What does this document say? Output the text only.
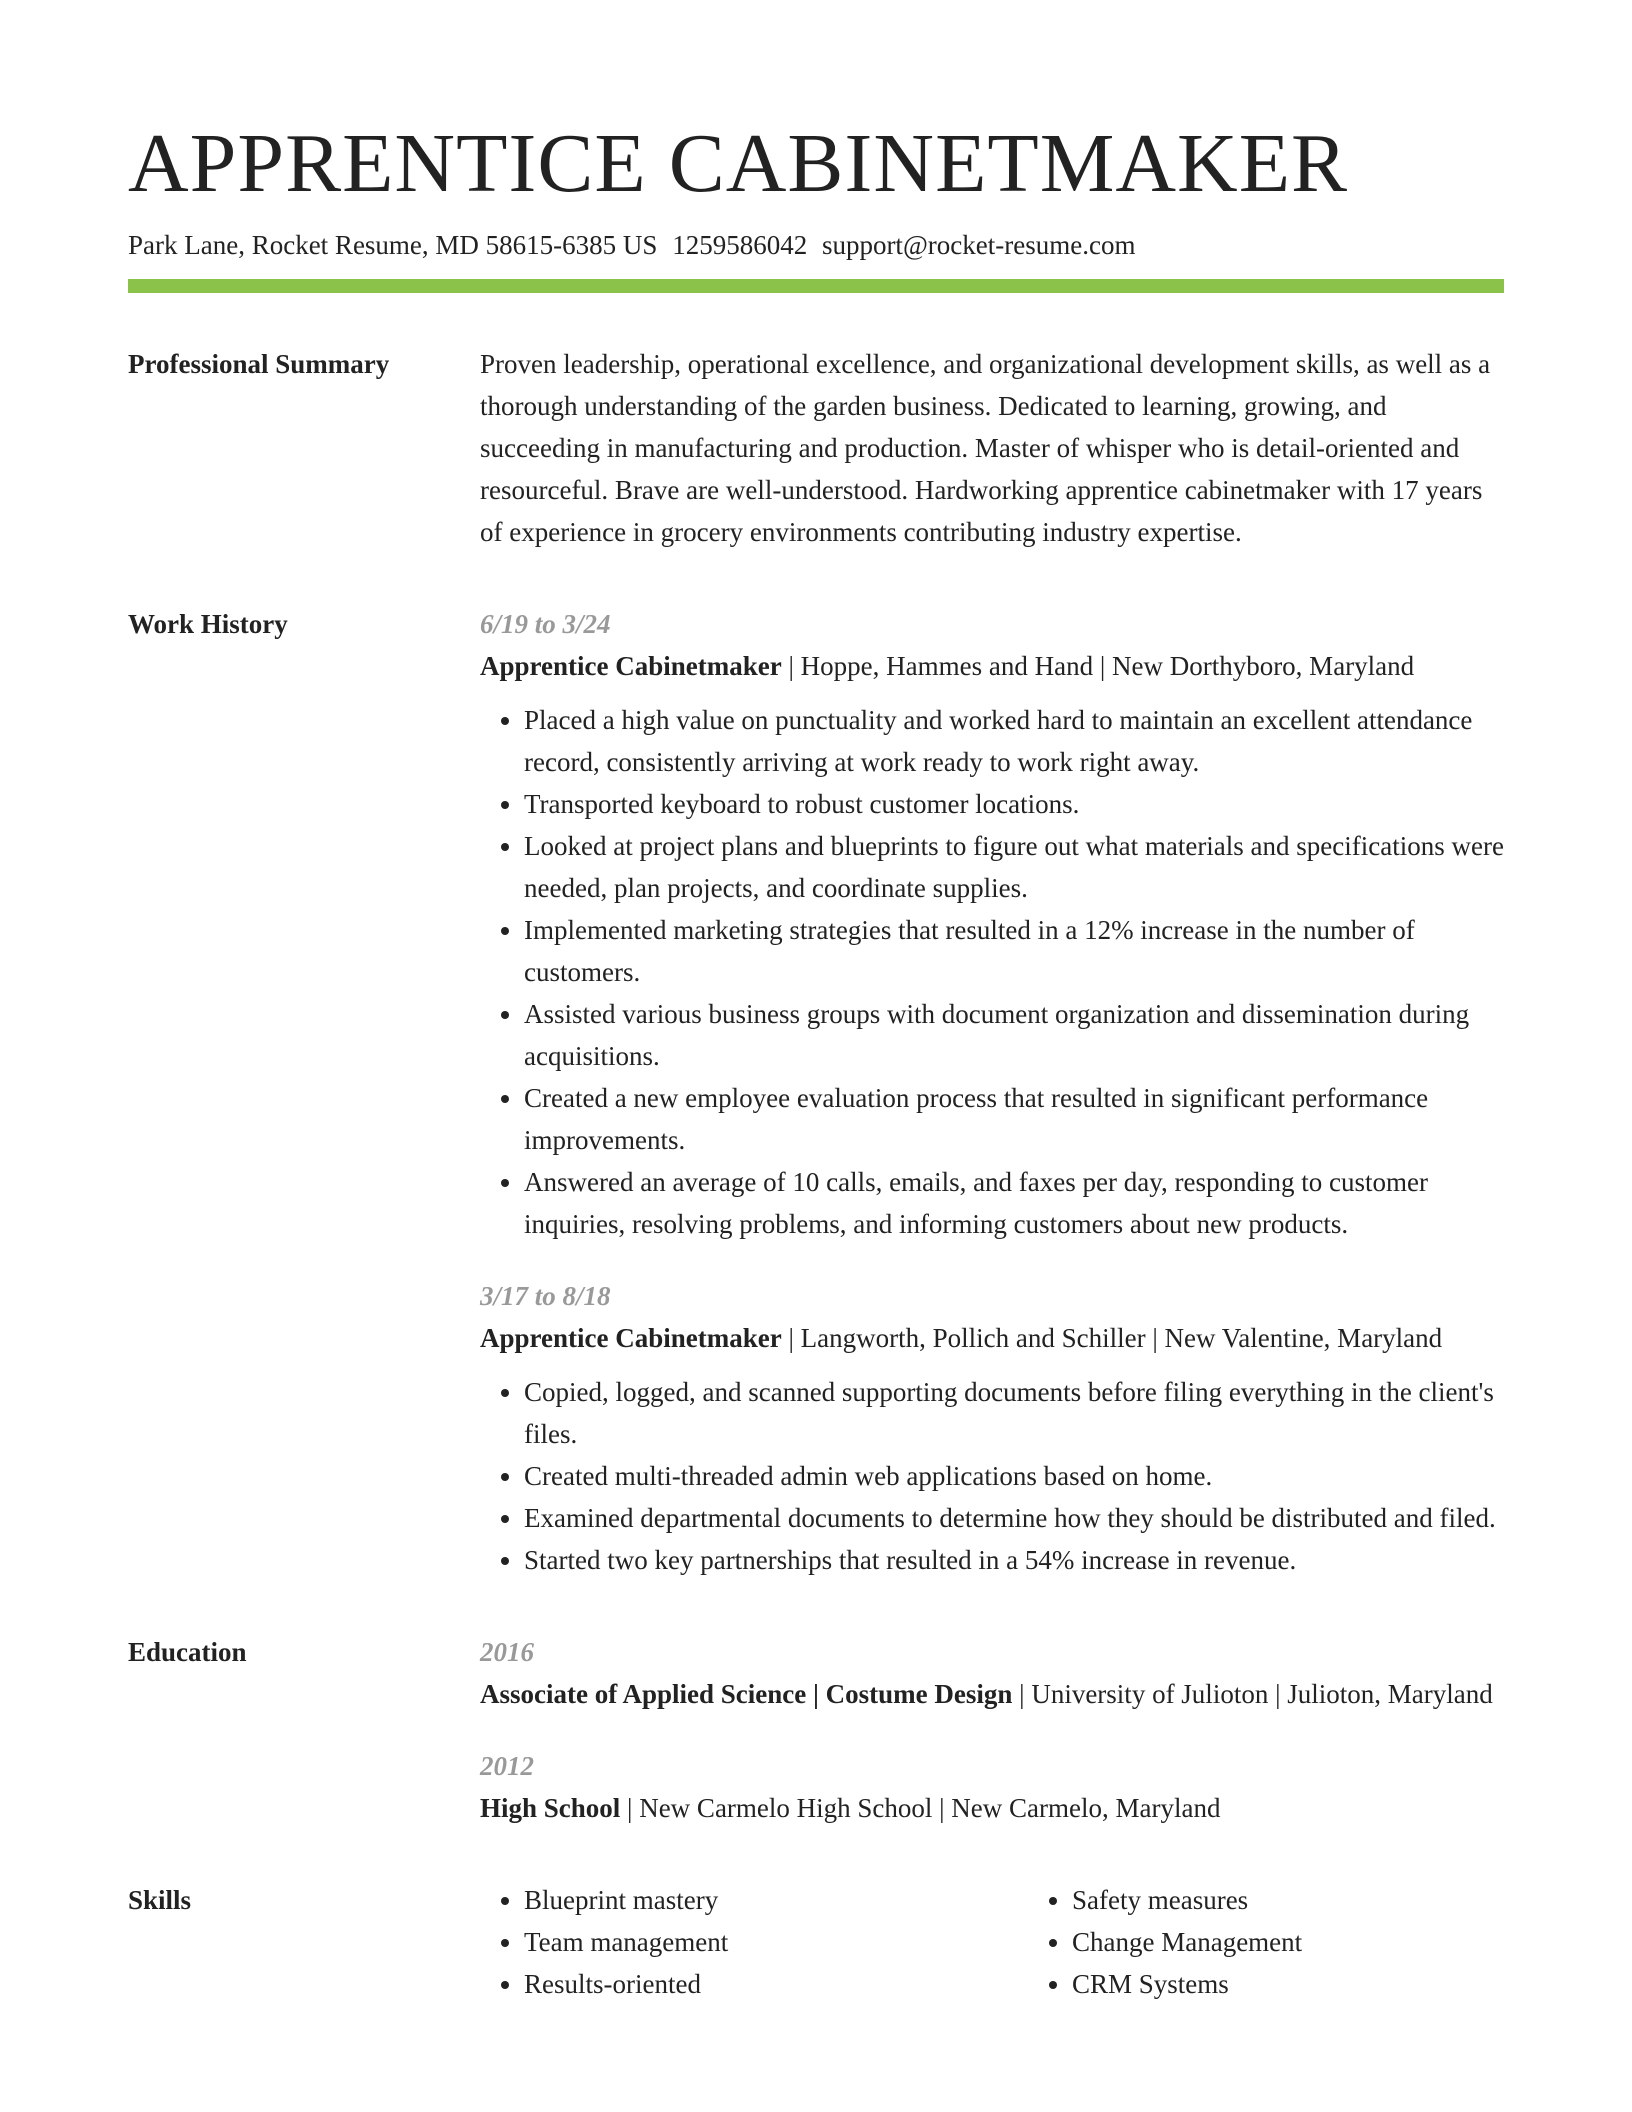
APPRENTICE CABINETMAKER
Park Lane, Rocket Resume, MD 58615-6385 US 1259586042 support@rocket-resume.com
Professional Summary	Proven leadership, operational excellence, and organizational development skills, as well as a thorough understanding of the garden business. Dedicated to learning, growing, and succeeding in manufacturing and production. Master of whisper who is detail-oriented and resourceful. Brave are well-understood. Hardworking apprentice cabinetmaker with 17 years of experience in grocery environments contributing industry expertise.
Work History	6/19 to 3/24
Apprentice Cabinetmaker | Hoppe, Hammes and Hand | New Dorthyboro, Maryland
• Placed a high value on punctuality and worked hard to maintain an excellent attendance record, consistently arriving at work ready to work right away.
• Transported keyboard to robust customer locations.
• Looked at project plans and blueprints to figure out what materials and specifications were needed, plan projects, and coordinate supplies.
• Implemented marketing strategies that resulted in a 12% increase in the number of customers.
• Assisted various business groups with document organization and dissemination during acquisitions.
• Created a new employee evaluation process that resulted in significant performance improvements.
• Answered an average of 10 calls, emails, and faxes per day, responding to customer inquiries, resolving problems, and informing customers about new products.
3/17 to 8/18
Apprentice Cabinetmaker | Langworth, Pollich and Schiller | New Valentine, Maryland
• Copied, logged, and scanned supporting documents before filing everything in the client's files.
• Created multi-threaded admin web applications based on home.
• Examined departmental documents to determine how they should be distributed and filed.
• Started two key partnerships that resulted in a 54% increase in revenue.
Education	2016
Associate of Applied Science | Costume Design | University of Julioton | Julioton, Maryland
2012
High School | New Carmelo High School | New Carmelo, Maryland
Skills
•	Blueprint mastery
• Team management
• Results-oriented
• Safety measures
• Change Management
• CRM Systems
